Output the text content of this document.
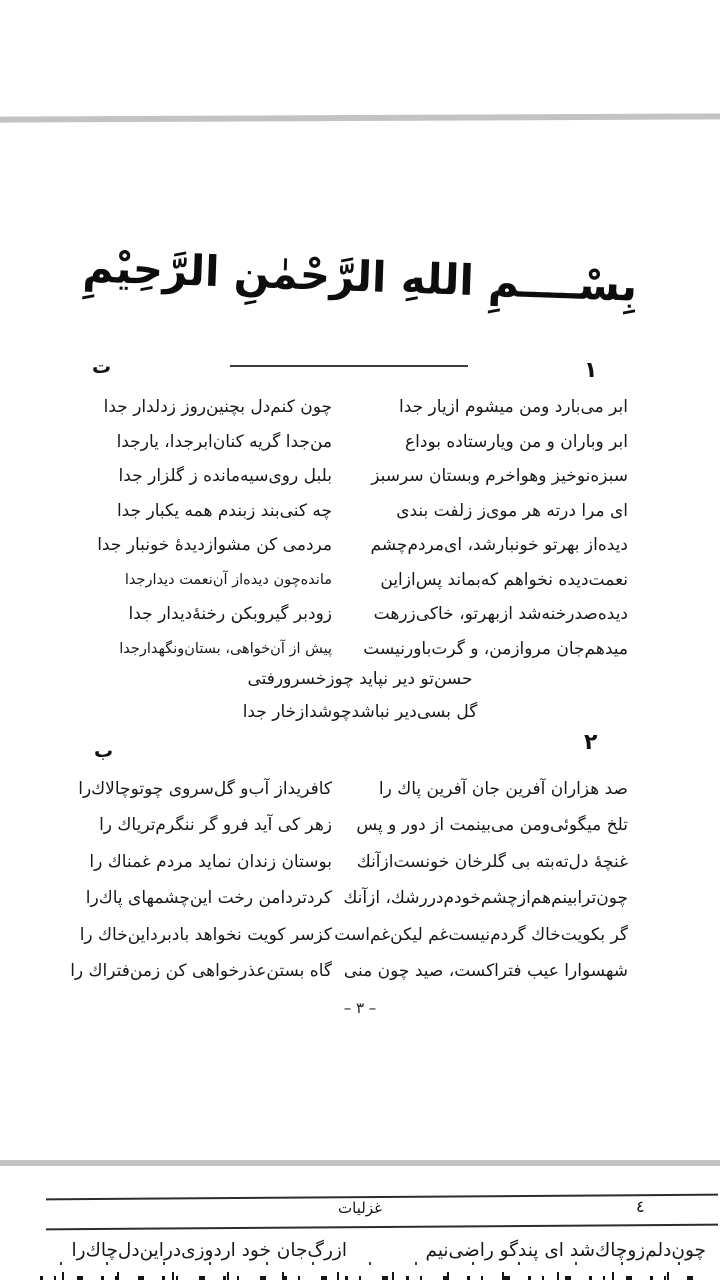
بِسْــــمِ اللهِ الرَّحْمٰنِ الرَّحِيْمِ
١
ت
ابر می‌بارد ومن میشوم ازیار جدا
چون کنم‌دل بچنین‌روز زدلدار جدا
ابر وباران و من ویارستاده بوداع
من‌جدا گریه کنان‌ابرجدا، یارجدا
سبزه‌نوخیز وهواخرم وبستان سرسبز
بلبل روی‌سیه‌مانده ز گلزار جدا
ای مرا درته هر موی‌ز زلفت بندی
چه کنی‌بند زبندم همه یکبار جدا
دیده‌از بهرتو خونبارشد، ای‌مردم‌چشم
مردمی کن مشوازدیدهٔ خونبار جدا
نعمت‌دیده نخواهم که‌بماند پس‌ازاین
مانده‌چون دیده‌از آن‌نعمت دیدارجدا
دیده‌صدرخنه‌شد ازبهرتو، خاکی‌زرهت
زودبر گیروبکن رخنهٔ‌دیدار جدا
میدهم‌جان مروازمن، و گرت‌باورنیست
پیش از آن‌خواهی، بستان‌ونگهدارجدا
حسن‌تو دیر نپاید چوزخسرورفتی
گل بسی‌دیر نباشدچوشدازخار جدا
٢
ب
صد هزاران آفرین جان آفرین پاك را
کافریداز آب‌و گل‌سروی چوتوچالاك‌را
تلخ میگوئی‌ومن می‌بینمت از دور و پس
زهر کی آید فرو گر ننگرم‌تریاك را
غنچهٔ دل‌ته‌بته بی گلرخان خونست‌ازآنك
بوستان زندان نماید مردم غمناك را
چون‌ترابینم‌هم‌ازچشم‌خودم‌دررشك، ازآنك
کردتردامن رخت این‌چشمهای پاك‌را
گر بکویت‌خاك گردم‌نیست‌غم لیکن‌غم‌است
کزسر کویت نخواهد بادبرداین‌خاك را
شهسوارا عیب فتراکست، صید چون منی
گاه بستن‌عذرخواهی کن زمن‌فتراك را
– ٣ –
غزلیات	٤
چون‌دلم‌زوچاك‌شد ای پندگو راضی‌نیم
ازرگ‌جان خود اردوزی‌دراین‌دل‌چاك‌را
